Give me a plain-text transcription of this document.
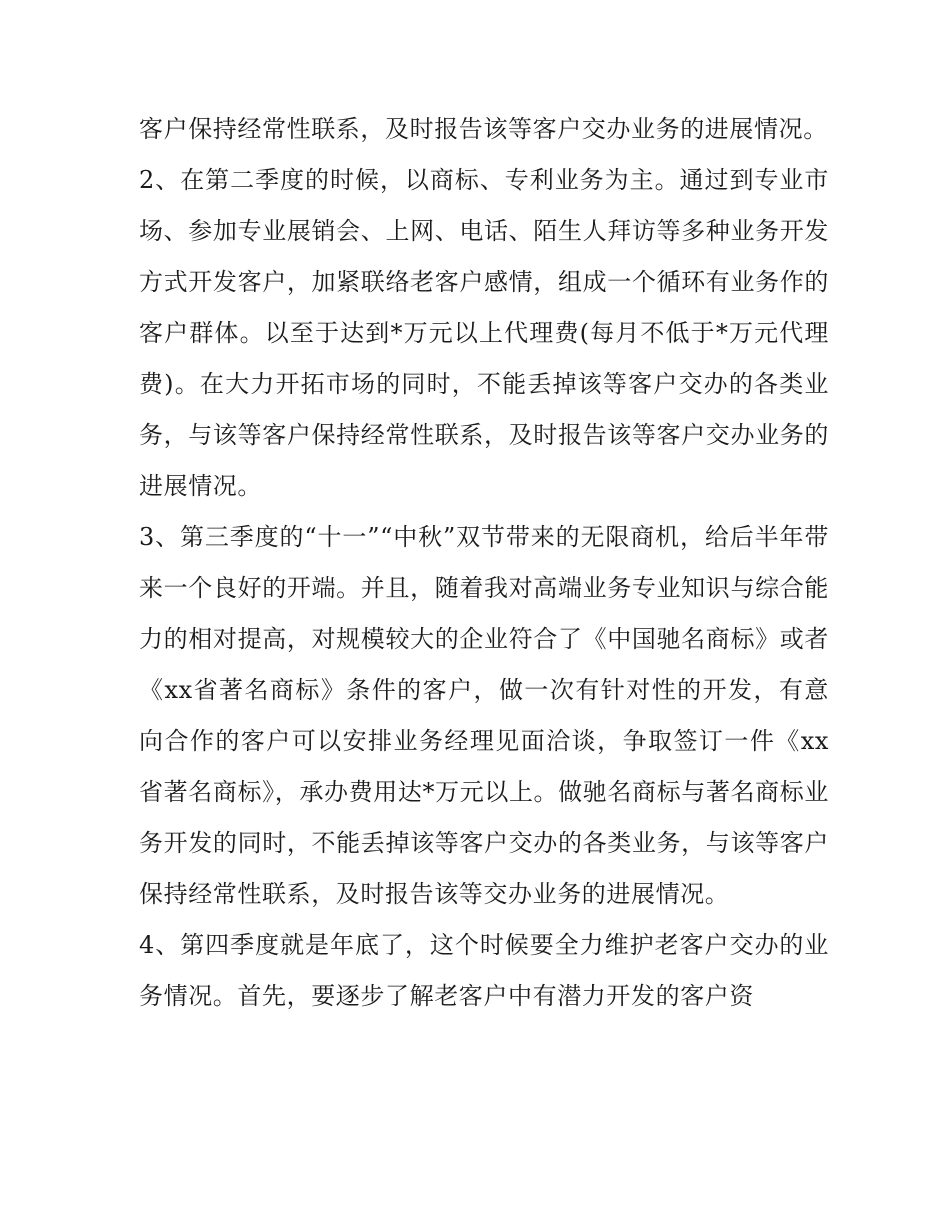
客户保持经常性联系，及时报告该等客户交办业务的进展情况。

2、在第二季度的时候，以商标、专利业务为主。通过到专业市场、参加专业展销会、上网、电话、陌生人拜访等多种业务开发方式开发客户，加紧联络老客户感情，组成一个循环有业务作的客户群体。以至于达到*万元以上代理费(每月不低于*万元代理费)。在大力开拓市场的同时，不能丢掉该等客户交办的各类业务，与该等客户保持经常性联系，及时报告该等客户交办业务的进展情况。

3、第三季度的“十一”“中秋”双节带来的无限商机，给后半年带来一个良好的开端。并且，随着我对高端业务专业知识与综合能力的相对提高，对规模较大的企业符合了《中国驰名商标》或者《xx省著名商标》条件的客户，做一次有针对性的开发，有意向合作的客户可以安排业务经理见面洽谈，争取签订一件《xx省著名商标》，承办费用达*万元以上。做驰名商标与著名商标业务开发的同时，不能丢掉该等客户交办的各类业务，与该等客户保持经常性联系，及时报告该等交办业务的进展情况。

4、第四季度就是年底了，这个时候要全力维护老客户交办的业务情况。首先，要逐步了解老客户中有潜力开发的客户资
